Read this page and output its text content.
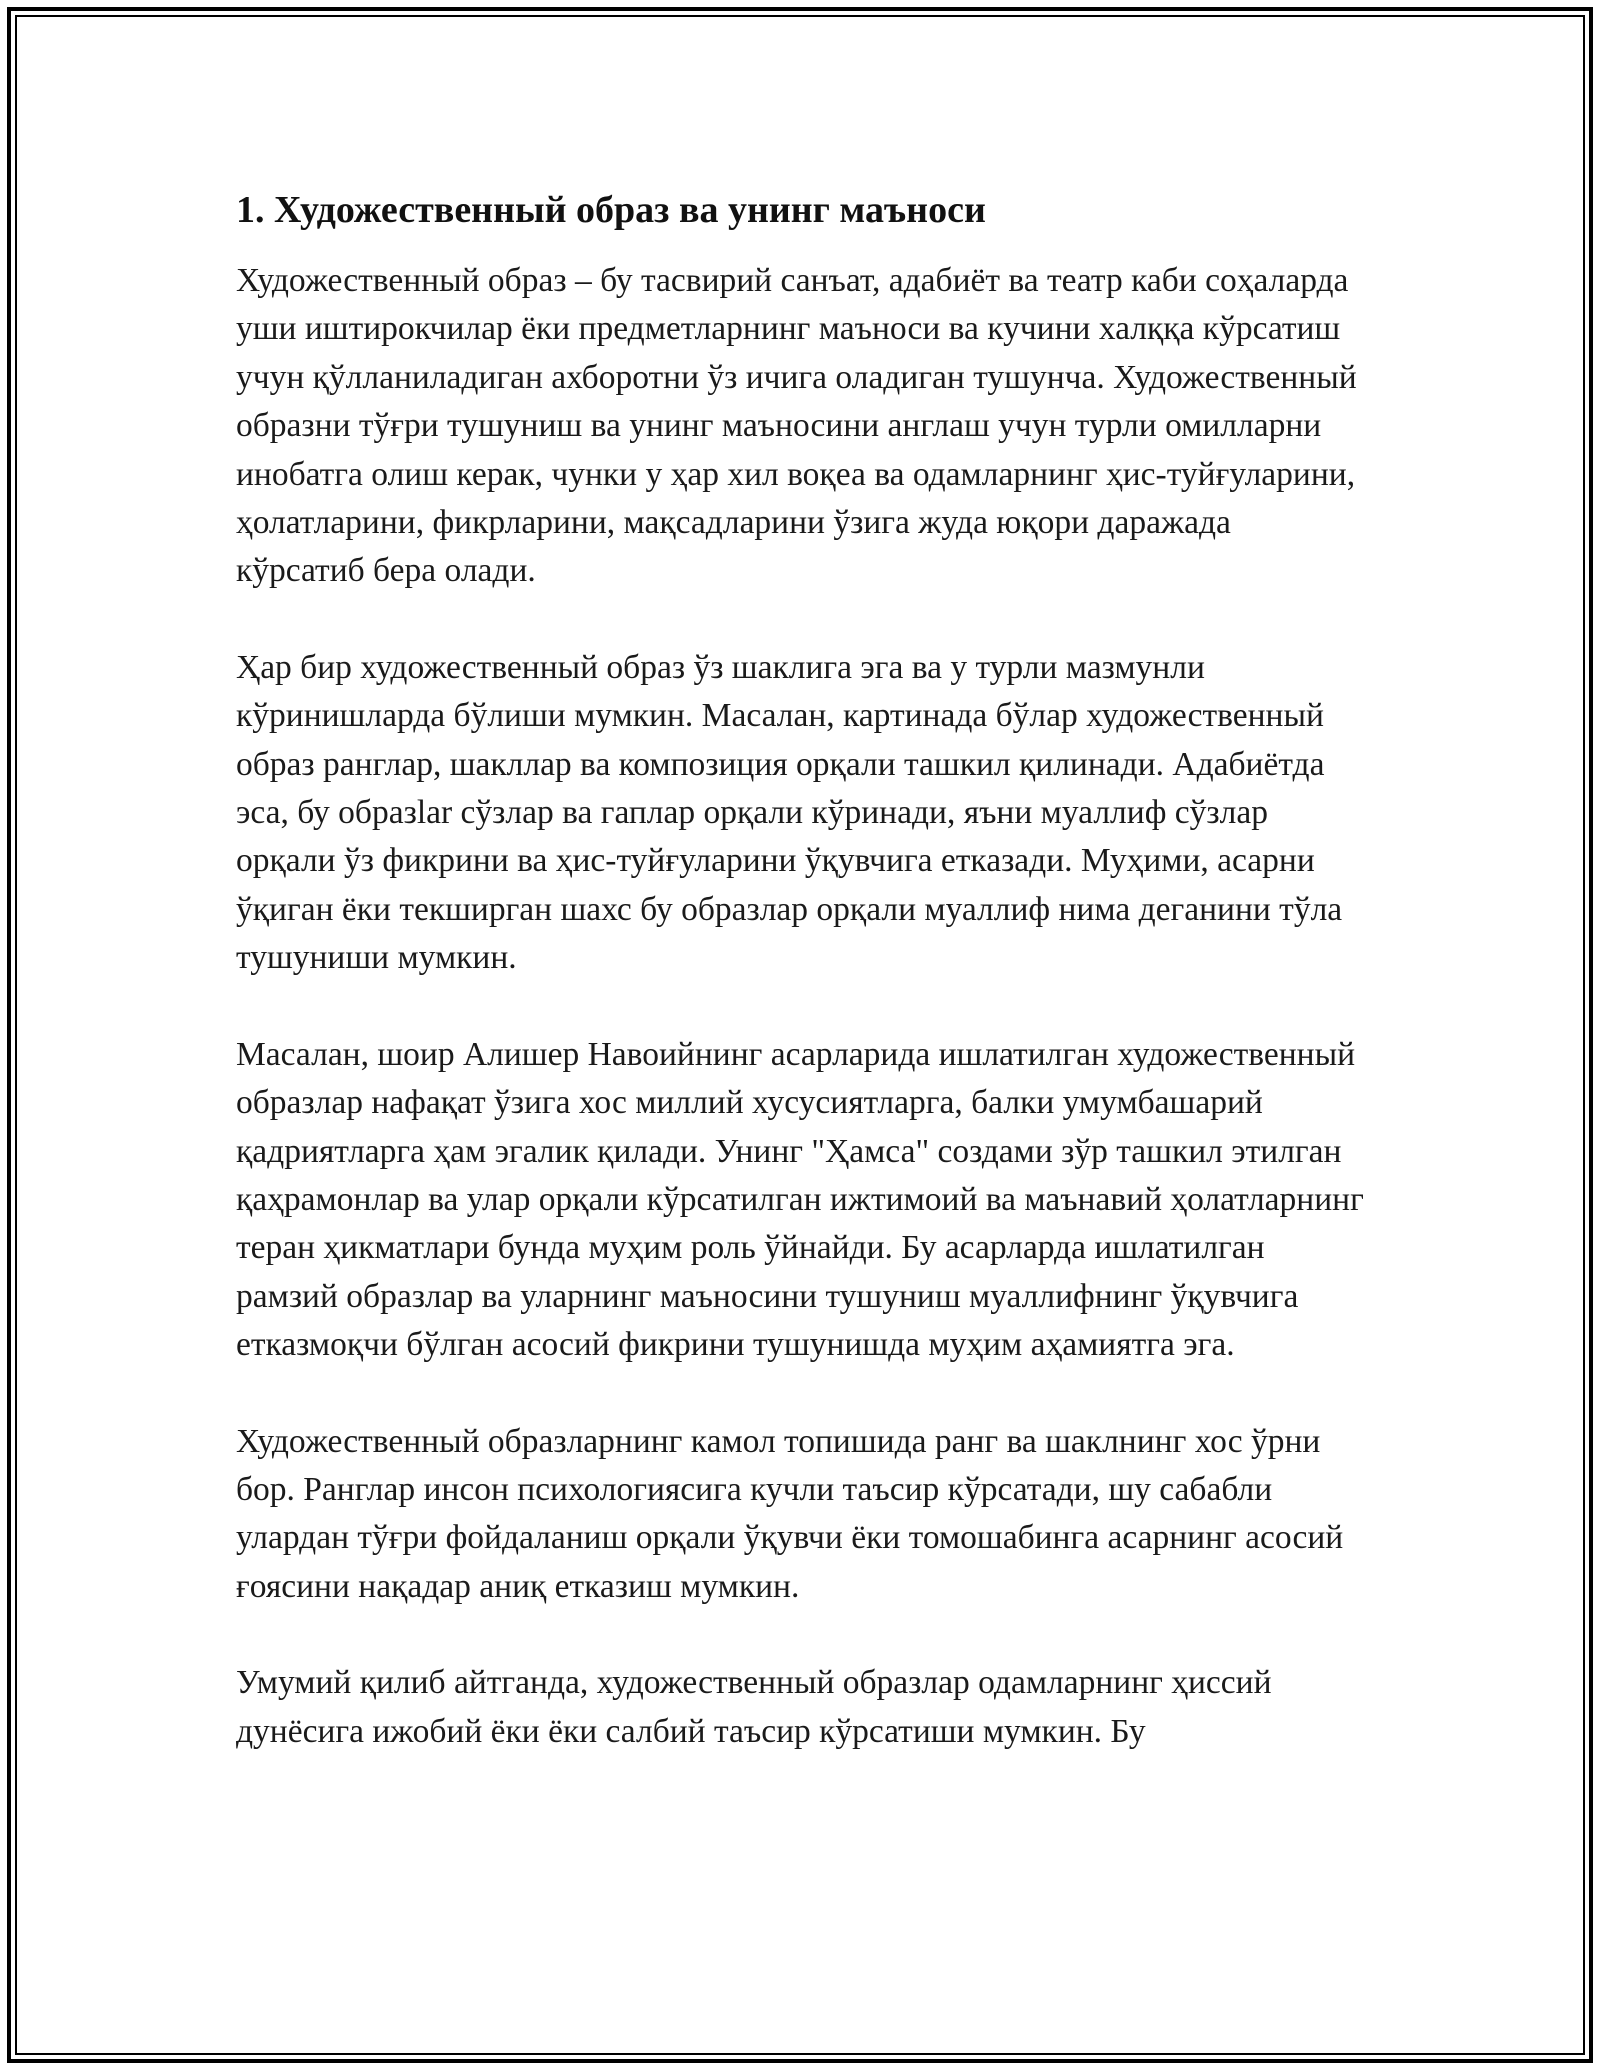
1. Художественный образ ва унинг маъноси

Художественный образ – бу тасвирий санъат, адабиёт ва театр каби соҳаларда уши иштирокчилар ёки предметларнинг маъноси ва кучини халққа кўрсатиш учун қўлланиладиган ахборотни ўз ичига оладиган тушунча. Художественный образни тўғри тушуниш ва унинг маъносини англаш учун турли омилларни инобатга олиш керак, чунки у ҳар хил воқеа ва одамларнинг ҳис-туйғуларини, ҳолатларини, фикрларини, мақсадларини ўзига жуда юқори даражада кўрсатиб бера олади.

Ҳар бир художественный образ ўз шаклига эга ва у турли мазмунли кўринишларда бўлиши мумкин. Масалан, картинада бўлар художественный образ ранглар, шакллар ва композиция орқали ташкил қилинади. Адабиётда эса, бу образlar сўзлар ва гаплар орқали кўринади, яъни муаллиф сўзлар орқали ўз фикрини ва ҳис-туйғуларини ўқувчига етказади. Муҳими, асарни ўқиган ёки текширган шахс бу образлар орқали муаллиф нима деганини тўла тушуниши мумкин.

Масалан, шоир Алишер Навоийнинг асарларида ишлатилган художественный образлар нафақат ўзига хос миллий хусусиятларга, балки умумбашарий қадриятларга ҳам эгалик қилади. Унинг "Ҳамса" создами зўр ташкил этилган қаҳрамонлар ва улар орқали кўрсатилган ижтимоий ва маънавий ҳолатларнинг теран ҳикматлари бунда муҳим роль ўйнайди. Бу асарларда ишлатилган рамзий образлар ва уларнинг маъносини тушуниш муаллифнинг ўқувчига етказмоқчи бўлган асосий фикрини тушунишда муҳим аҳамиятга эга.

Художественный образларнинг камол топишида ранг ва шаклнинг хос ўрни бор. Ранглар инсон психологиясига кучли таъсир кўрсатади, шу сабабли улардан тўғри фойдаланиш орқали ўқувчи ёки томошабинга асарнинг асосий ғоясини нақадар аниқ етказиш мумкин.

Умумий қилиб айтганда, художественный образлар одамларнинг ҳиссий дунёсига ижобий ёки ёки салбий таъсир кўрсатиши мумкин. Бу
